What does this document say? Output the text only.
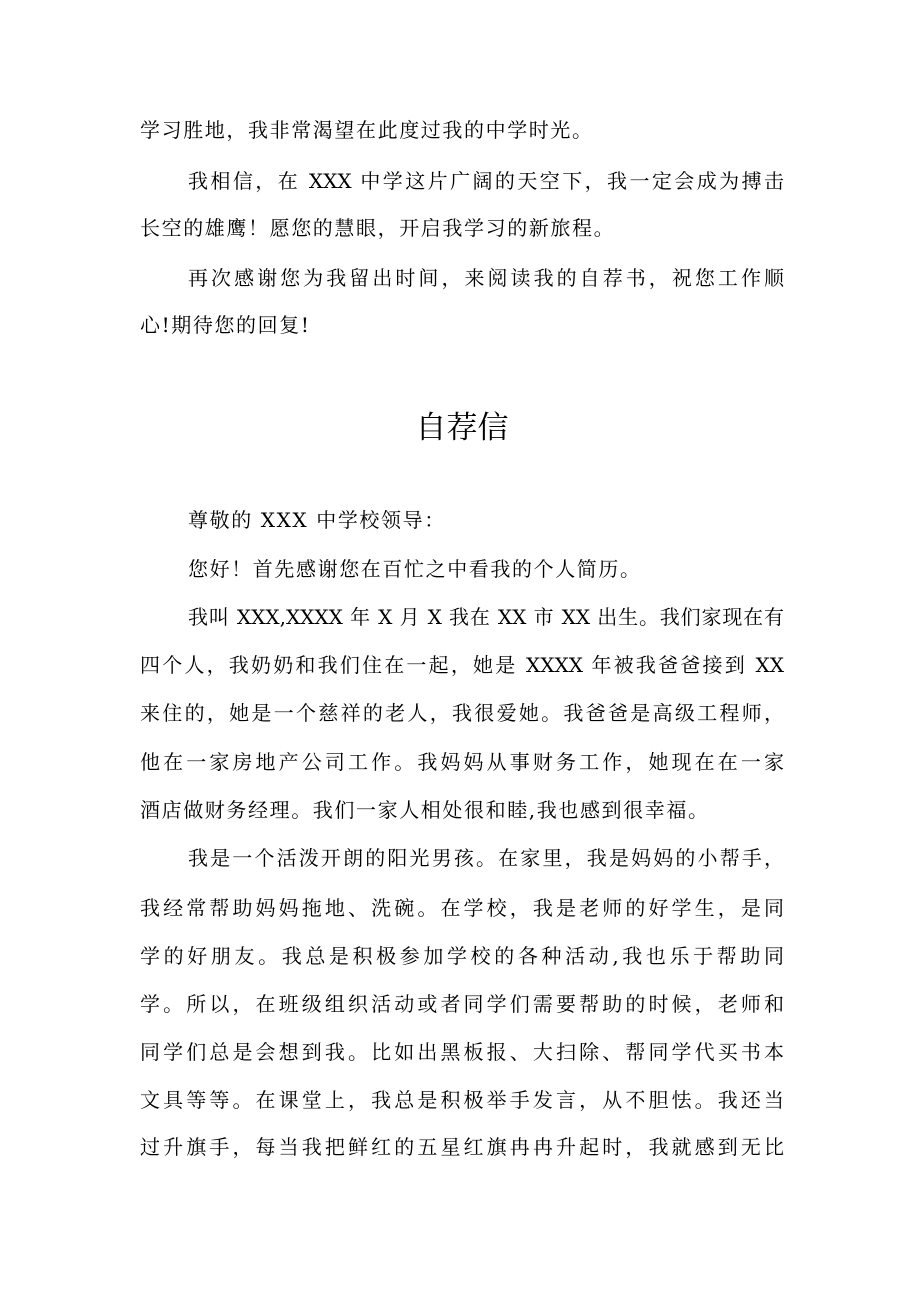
学习胜地，我非常渴望在此度过我的中学时光。
我相信，在 XXX 中学这片广阔的天空下，我一定会成为搏击
长空的雄鹰！愿您的慧眼，开启我学习的新旅程。
再次感谢您为我留出时间，来阅读我的自荐书，祝您工作顺
心!期待您的回复!
自荐信
尊敬的 XXX 中学校领导：
您好！首先感谢您在百忙之中看我的个人简历。
我叫 XXX,XXXX 年 X 月 X 我在 XX 市 XX 出生。我们家现在有
四个人，我奶奶和我们住在一起，她是 XXXX 年被我爸爸接到 XX
来住的，她是一个慈祥的老人，我很爱她。我爸爸是高级工程师，
他在一家房地产公司工作。我妈妈从事财务工作，她现在在一家
酒店做财务经理。我们一家人相处很和睦,我也感到很幸福。
我是一个活泼开朗的阳光男孩。在家里，我是妈妈的小帮手，
我经常帮助妈妈拖地、洗碗。在学校，我是老师的好学生，是同
学的好朋友。我总是积极参加学校的各种活动,我也乐于帮助同
学。所以，在班级组织活动或者同学们需要帮助的时候，老师和
同学们总是会想到我。比如出黑板报、大扫除、帮同学代买书本
文具等等。在课堂上，我总是积极举手发言，从不胆怯。我还当
过升旗手，每当我把鲜红的五星红旗冉冉升起时，我就感到无比
